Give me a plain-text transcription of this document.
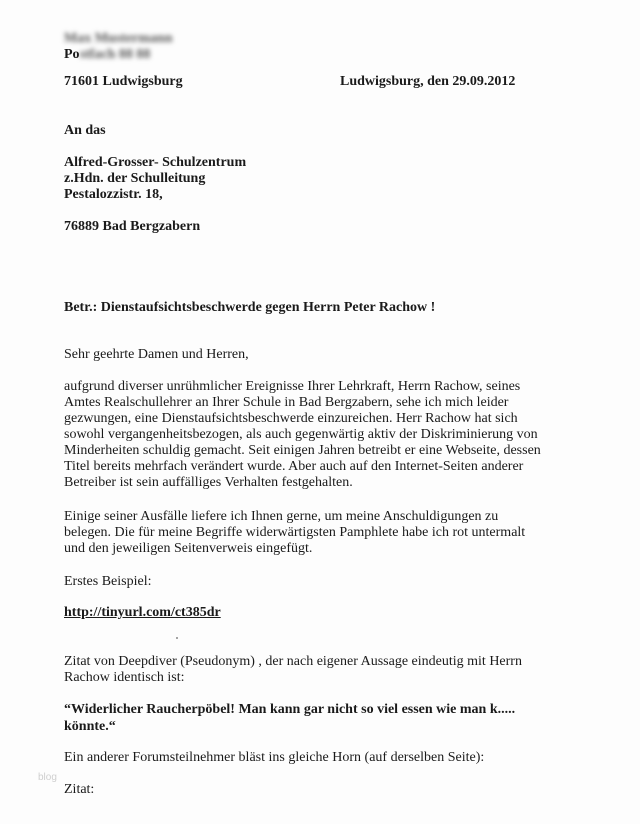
Max Mustermann
Postfach 88 88
71601 Ludwigsburg	Ludwigsburg, den 29.09.2012
An das
Alfred-Grosser- Schulzentrum
z.Hdn. der Schulleitung
Pestalozzistr. 18,
76889 Bad Bergzabern
Betr.: Dienstaufsichtsbeschwerde gegen Herrn Peter Rachow !
Sehr geehrte Damen und Herren,
aufgrund diverser unrühmlicher Ereignisse Ihrer Lehrkraft, Herrn Rachow, seines
Amtes Realschullehrer an Ihrer Schule in Bad Bergzabern, sehe ich mich leider
gezwungen, eine Dienstaufsichtsbeschwerde einzureichen. Herr Rachow hat sich
sowohl vergangenheitsbezogen, als auch gegenwärtig aktiv der Diskriminierung von
Minderheiten schuldig gemacht. Seit einigen Jahren betreibt er eine Webseite, dessen
Titel bereits mehrfach verändert wurde. Aber auch auf den Internet-Seiten anderer
Betreiber ist sein auffälliges Verhalten festgehalten.
Einige seiner Ausfälle liefere ich Ihnen gerne, um meine Anschuldigungen zu
belegen. Die für meine Begriffe widerwärtigsten Pamphlete habe ich rot untermalt
und den jeweiligen Seitenverweis eingefügt.
Erstes Beispiel:
http://tinyurl.com/ct385dr
Zitat von Deepdiver (Pseudonym) , der nach eigener Aussage eindeutig mit Herrn
Rachow identisch ist:
“Widerlicher Raucherpöbel! Man kann gar nicht so viel essen wie man k.....
könnte.“
Ein anderer Forumsteilnehmer bläst ins gleiche Horn (auf derselben Seite):
Zitat:
blog
